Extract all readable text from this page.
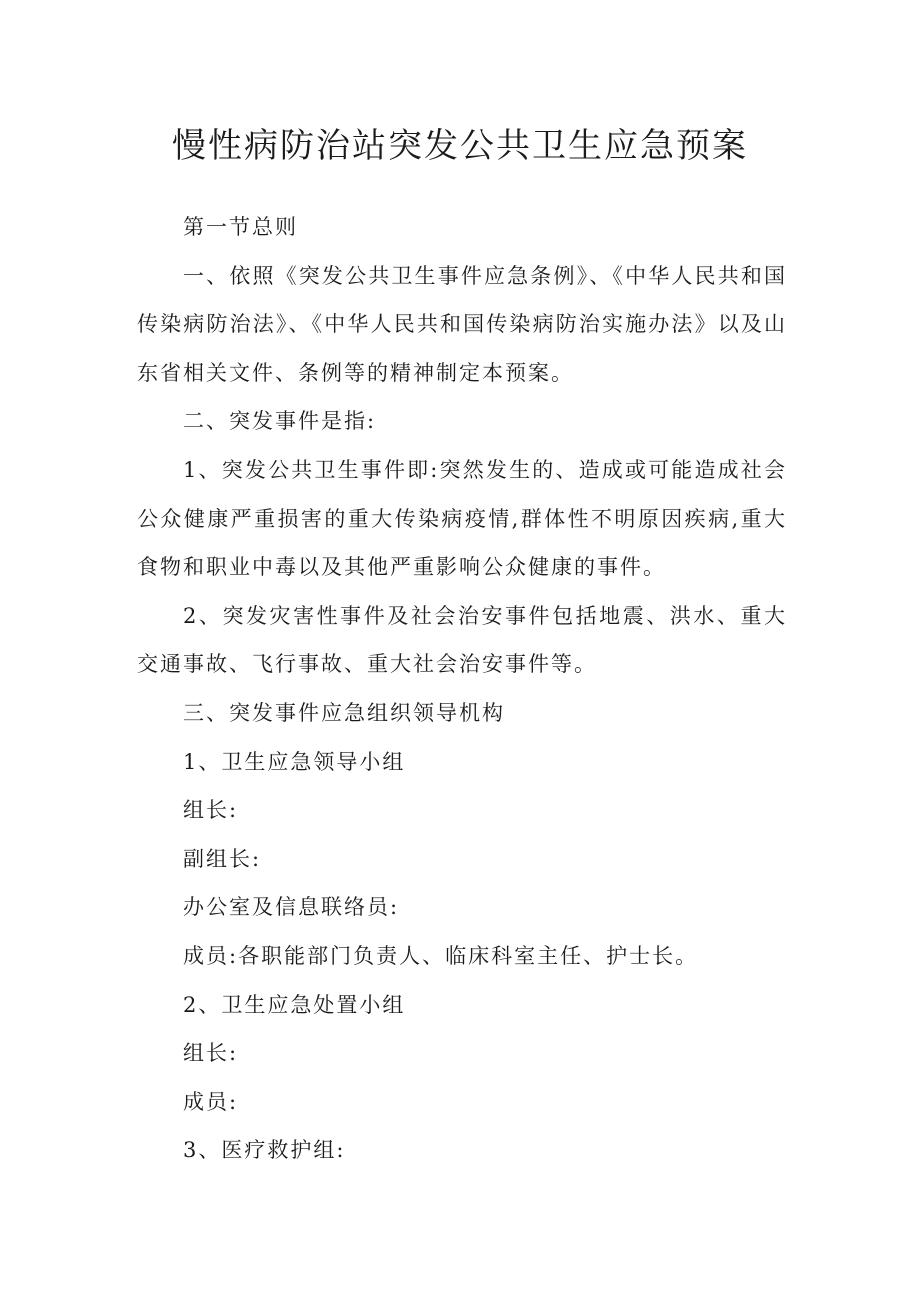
慢性病防治站突发公共卫生应急预案

第一节总则

一、依照《突发公共卫生事件应急条例》、《中华人民共和国传染病防治法》、《中华人民共和国传染病防治实施办法》以及山东省相关文件、条例等的精神制定本预案。

二、突发事件是指:

1、突发公共卫生事件即:突然发生的、造成或可能造成社会公众健康严重损害的重大传染病疫情,群体性不明原因疾病,重大食物和职业中毒以及其他严重影响公众健康的事件。

2、突发灾害性事件及社会治安事件包括地震、洪水、重大交通事故、飞行事故、重大社会治安事件等。

三、突发事件应急组织领导机构

1、卫生应急领导小组

组长:

副组长:

办公室及信息联络员:

成员:各职能部门负责人、临床科室主任、护士长。

2、卫生应急处置小组

组长:

成员:

3、医疗救护组:
